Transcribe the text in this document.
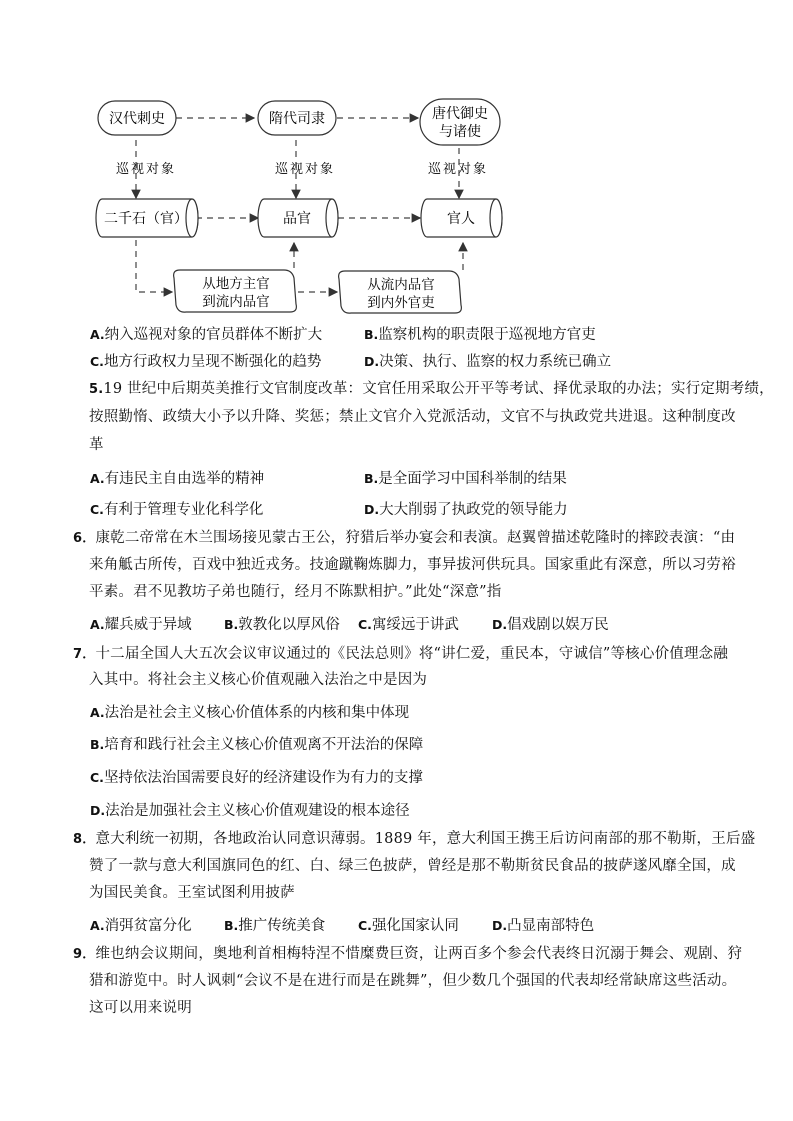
汉代刺史	隋代司隶	唐代御史
与诸使
巡视对象	巡视对象	巡视对象
二千石（官）	品官	官人
从地方主官
到流内品官
从流内品官
到内外官吏
A.纳入巡视对象的官员群体不断扩大	B.监察机构的职责限于巡视地方官吏
C.地方行政权力呈现不断强化的趋势	D.决策、执行、监察的权力系统已确立
5.19 世纪中后期英美推行文官制度改革：文官任用采取公开平等考试、择优录取的办法；实行定期考绩，
按照勤惰、政绩大小予以升降、奖惩；禁止文官介入党派活动，文官不与执政党共进退。这种制度改
革
A.有违民主自由选举的精神	B.是全面学习中国科举制的结果
C.有利于管理专业化科学化	D.大大削弱了执政党的领导能力
6．康乾二帝常在木兰围场接见蒙古王公，狩猎后举办宴会和表演。赵翼曾描述乾隆时的摔跤表演：“由
来角觝古所传，百戏中独近戎务。技逾蹴鞠炼脚力，事异拔河供玩具。国家重此有深意，所以习劳裕
平素。君不见教坊子弟也随行，经月不陈默相护。”此处“深意”指
A.耀兵威于异域	B.敦教化以厚风俗 C.寓绥远于讲武	D.倡戏剧以娱万民
7．十二届全国人大五次会议审议通过的《民法总则》将“讲仁爱，重民本，守诚信”等核心价值理念融
入其中。将社会主义核心价值观融入法治之中是因为
A.法治是社会主义核心价值体系的内核和集中体现
B.培育和践行社会主义核心价值观离不开法治的保障
C.坚持依法治国需要良好的经济建设作为有力的支撑
D.法治是加强社会主义核心价值观建设的根本途径
8．意大利统一初期，各地政治认同意识薄弱。1889 年，意大利国王携王后访问南部的那不勒斯，王后盛
赞了一款与意大利国旗同色的红、白、绿三色披萨，曾经是那不勒斯贫民食品的披萨遂风靡全国，成
为国民美食。王室试图利用披萨
A.消弭贫富分化	B.推广传统美食	C.强化国家认同	D.凸显南部特色
9．维也纳会议期间，奥地利首相梅特涅不惜糜费巨资，让两百多个参会代表终日沉溺于舞会、观剧、狩
猎和游览中。时人讽刺“会议不是在进行而是在跳舞”，但少数几个强国的代表却经常缺席这些活动。
这可以用来说明
